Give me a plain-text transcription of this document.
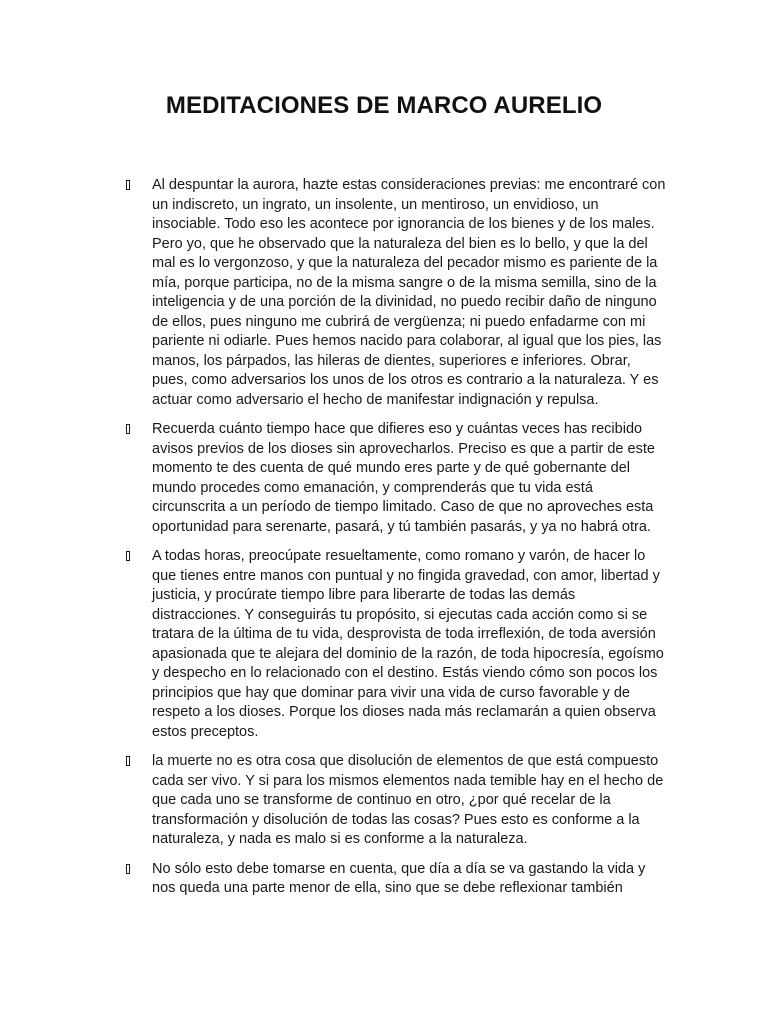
MEDITACIONES DE MARCO AURELIO
Al despuntar la aurora, hazte estas consideraciones previas: me encontraré con un indiscreto, un ingrato, un insolente, un mentiroso, un envidioso, un insociable. Todo eso les acontece por ignorancia de los bienes y de los males. Pero yo, que he observado que la naturaleza del bien es lo bello, y que la del mal es lo vergonzoso, y que la naturaleza del pecador mismo es pariente de la mía, porque participa, no de la misma sangre o de la misma semilla, sino de la inteligencia y de una porción de la divinidad, no puedo recibir daño de ninguno de ellos, pues ninguno me cubrirá de vergüenza; ni puedo enfadarme con mi pariente ni odiarle. Pues hemos nacido para colaborar, al igual que los pies, las manos, los párpados, las hileras de dientes, superiores e inferiores. Obrar, pues, como adversarios los unos de los otros es contrario a la naturaleza. Y es actuar como adversario el hecho de manifestar indignación y repulsa.
Recuerda cuánto tiempo hace que difieres eso y cuántas veces has recibido avisos previos de los dioses sin aprovecharlos. Preciso es que a partir de este momento te des cuenta de qué mundo eres parte y de qué gobernante del mundo procedes como emanación, y comprenderás que tu vida está circunscrita a un período de tiempo limitado. Caso de que no aproveches esta oportunidad para serenarte, pasará, y tú también pasarás, y ya no habrá otra.
A todas horas, preocúpate resueltamente, como romano y varón, de hacer lo que tienes entre manos con puntual y no fingida gravedad, con amor, libertad y justicia, y procúrate tiempo libre para liberarte de todas las demás distracciones. Y conseguirás tu propósito, si ejecutas cada acción como si se tratara de la última de tu vida, desprovista de toda irreflexión, de toda aversión apasionada que te alejara del dominio de la razón, de toda hipocresía, egoísmo y despecho en lo relacionado con el destino. Estás viendo cómo son pocos los principios que hay que dominar para vivir una vida de curso favorable y de respeto a los dioses. Porque los dioses nada más reclamarán a quien observa estos preceptos.
la muerte no es otra cosa que disolución de elementos de que está compuesto cada ser vivo. Y si para los mismos elementos nada temible hay en el hecho de que cada uno se transforme de continuo en otro, ¿por qué recelar de la transformación y disolución de todas las cosas? Pues esto es conforme a la naturaleza, y nada es malo si es conforme a la naturaleza.
No sólo esto debe tomarse en cuenta, que día a día se va gastando la vida y nos queda una parte menor de ella, sino que se debe reflexionar también
